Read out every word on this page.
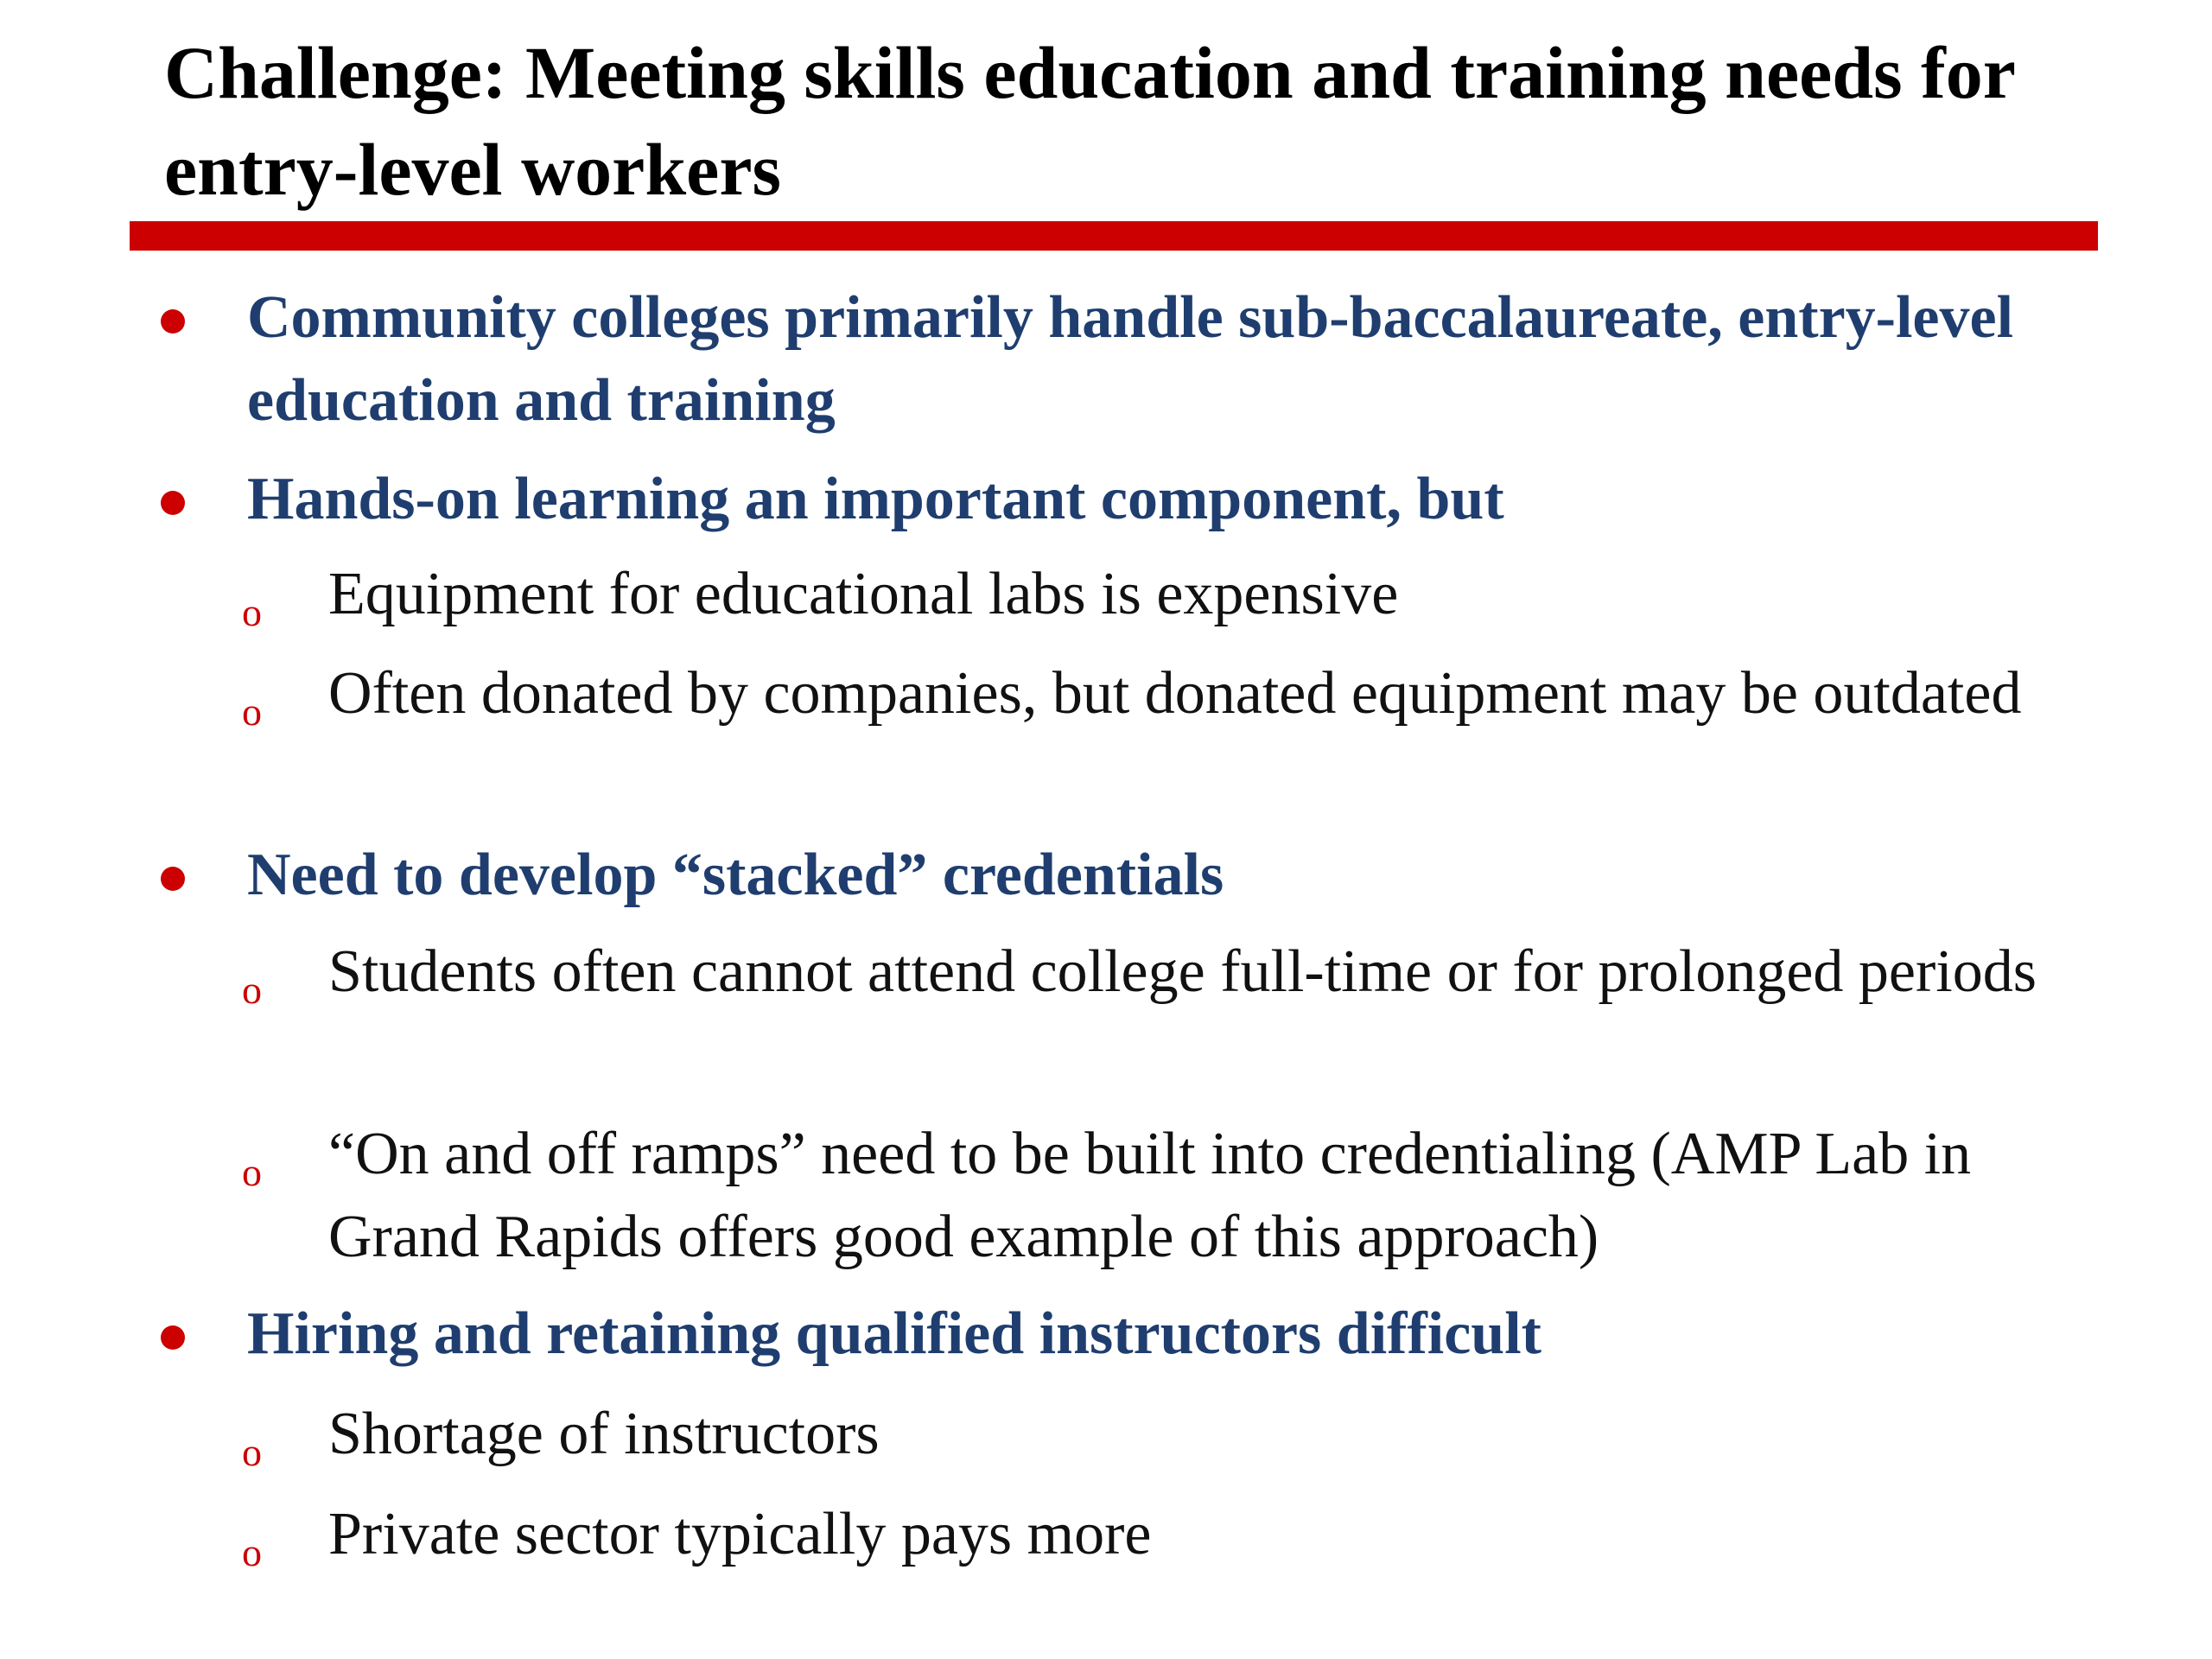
Challenge: Meeting skills education and training needs for entry-level workers
Community colleges primarily handle sub-baccalaureate, entry-level education and training
Hands-on learning an important component, but
o Equipment for educational labs is expensive
o Often donated by companies, but donated equipment may be outdated
Need to develop “stacked” credentials
o Students often cannot attend college full-time or for prolonged periods
o “On and off ramps” need to be built into credentialing (AMP Lab in Grand Rapids offers good example of this approach)
Hiring and retaining qualified instructors difficult
o Shortage of instructors
o Private sector typically pays more
